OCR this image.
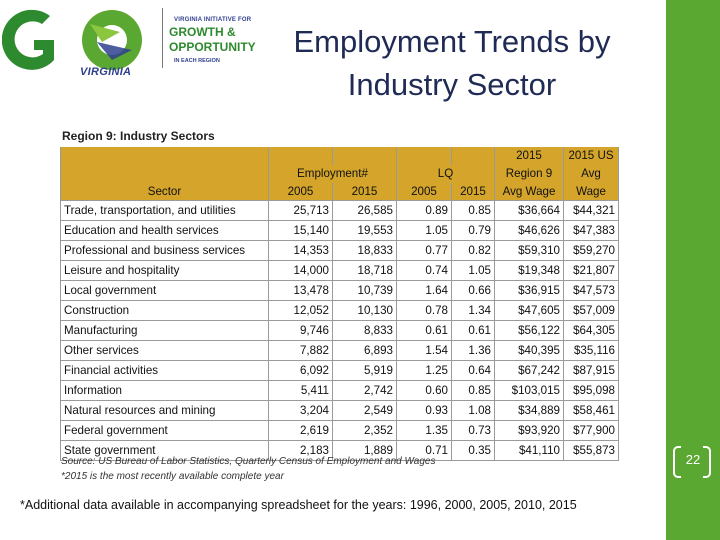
VIRGINIA
VIRGINIA INITIATIVE FOR
GROWTH &
OPPORTUNITY
IN EACH REGION
Employment Trends by
Industry Sector
Region 9: Industry Sectors
					2015	2015 US
	Employment#		LQ		Region 9	Avg
Sector	2005	2015	2005	2015	Avg Wage	Wage
Trade, transportation, and utilities	25,713	26,585	0.89	0.85	$36,664	$44,321
Education and health services	15,140	19,553	1.05	0.79	$46,626	$47,383
Professional and business services	14,353	18,833	0.77	0.82	$59,310	$59,270
Leisure and hospitality	14,000	18,718	0.74	1.05	$19,348	$21,807
Local government	13,478	10,739	1.64	0.66	$36,915	$47,573
Construction	12,052	10,130	0.78	1.34	$47,605	$57,009
Manufacturing	9,746	8,833	0.61	0.61	$56,122	$64,305
Other services	7,882	6,893	1.54	1.36	$40,395	$35,116
Financial activities	6,092	5,919	1.25	0.64	$67,242	$87,915
Information	5,411	2,742	0.60	0.85	$103,015	$95,098
Natural resources and mining	3,204	2,549	0.93	1.08	$34,889	$58,461
Federal government	2,619	2,352	1.35	0.73	$93,920	$77,900
State government	2,183	1,889	0.71	0.35	$41,110	$55,873
Source: US Bureau of Labor Statistics, Quarterly Census of Employment and Wages
*2015 is the most recently available complete year
*Additional data available in accompanying spreadsheet for the years: 1996, 2000, 2005, 2010, 2015
22
